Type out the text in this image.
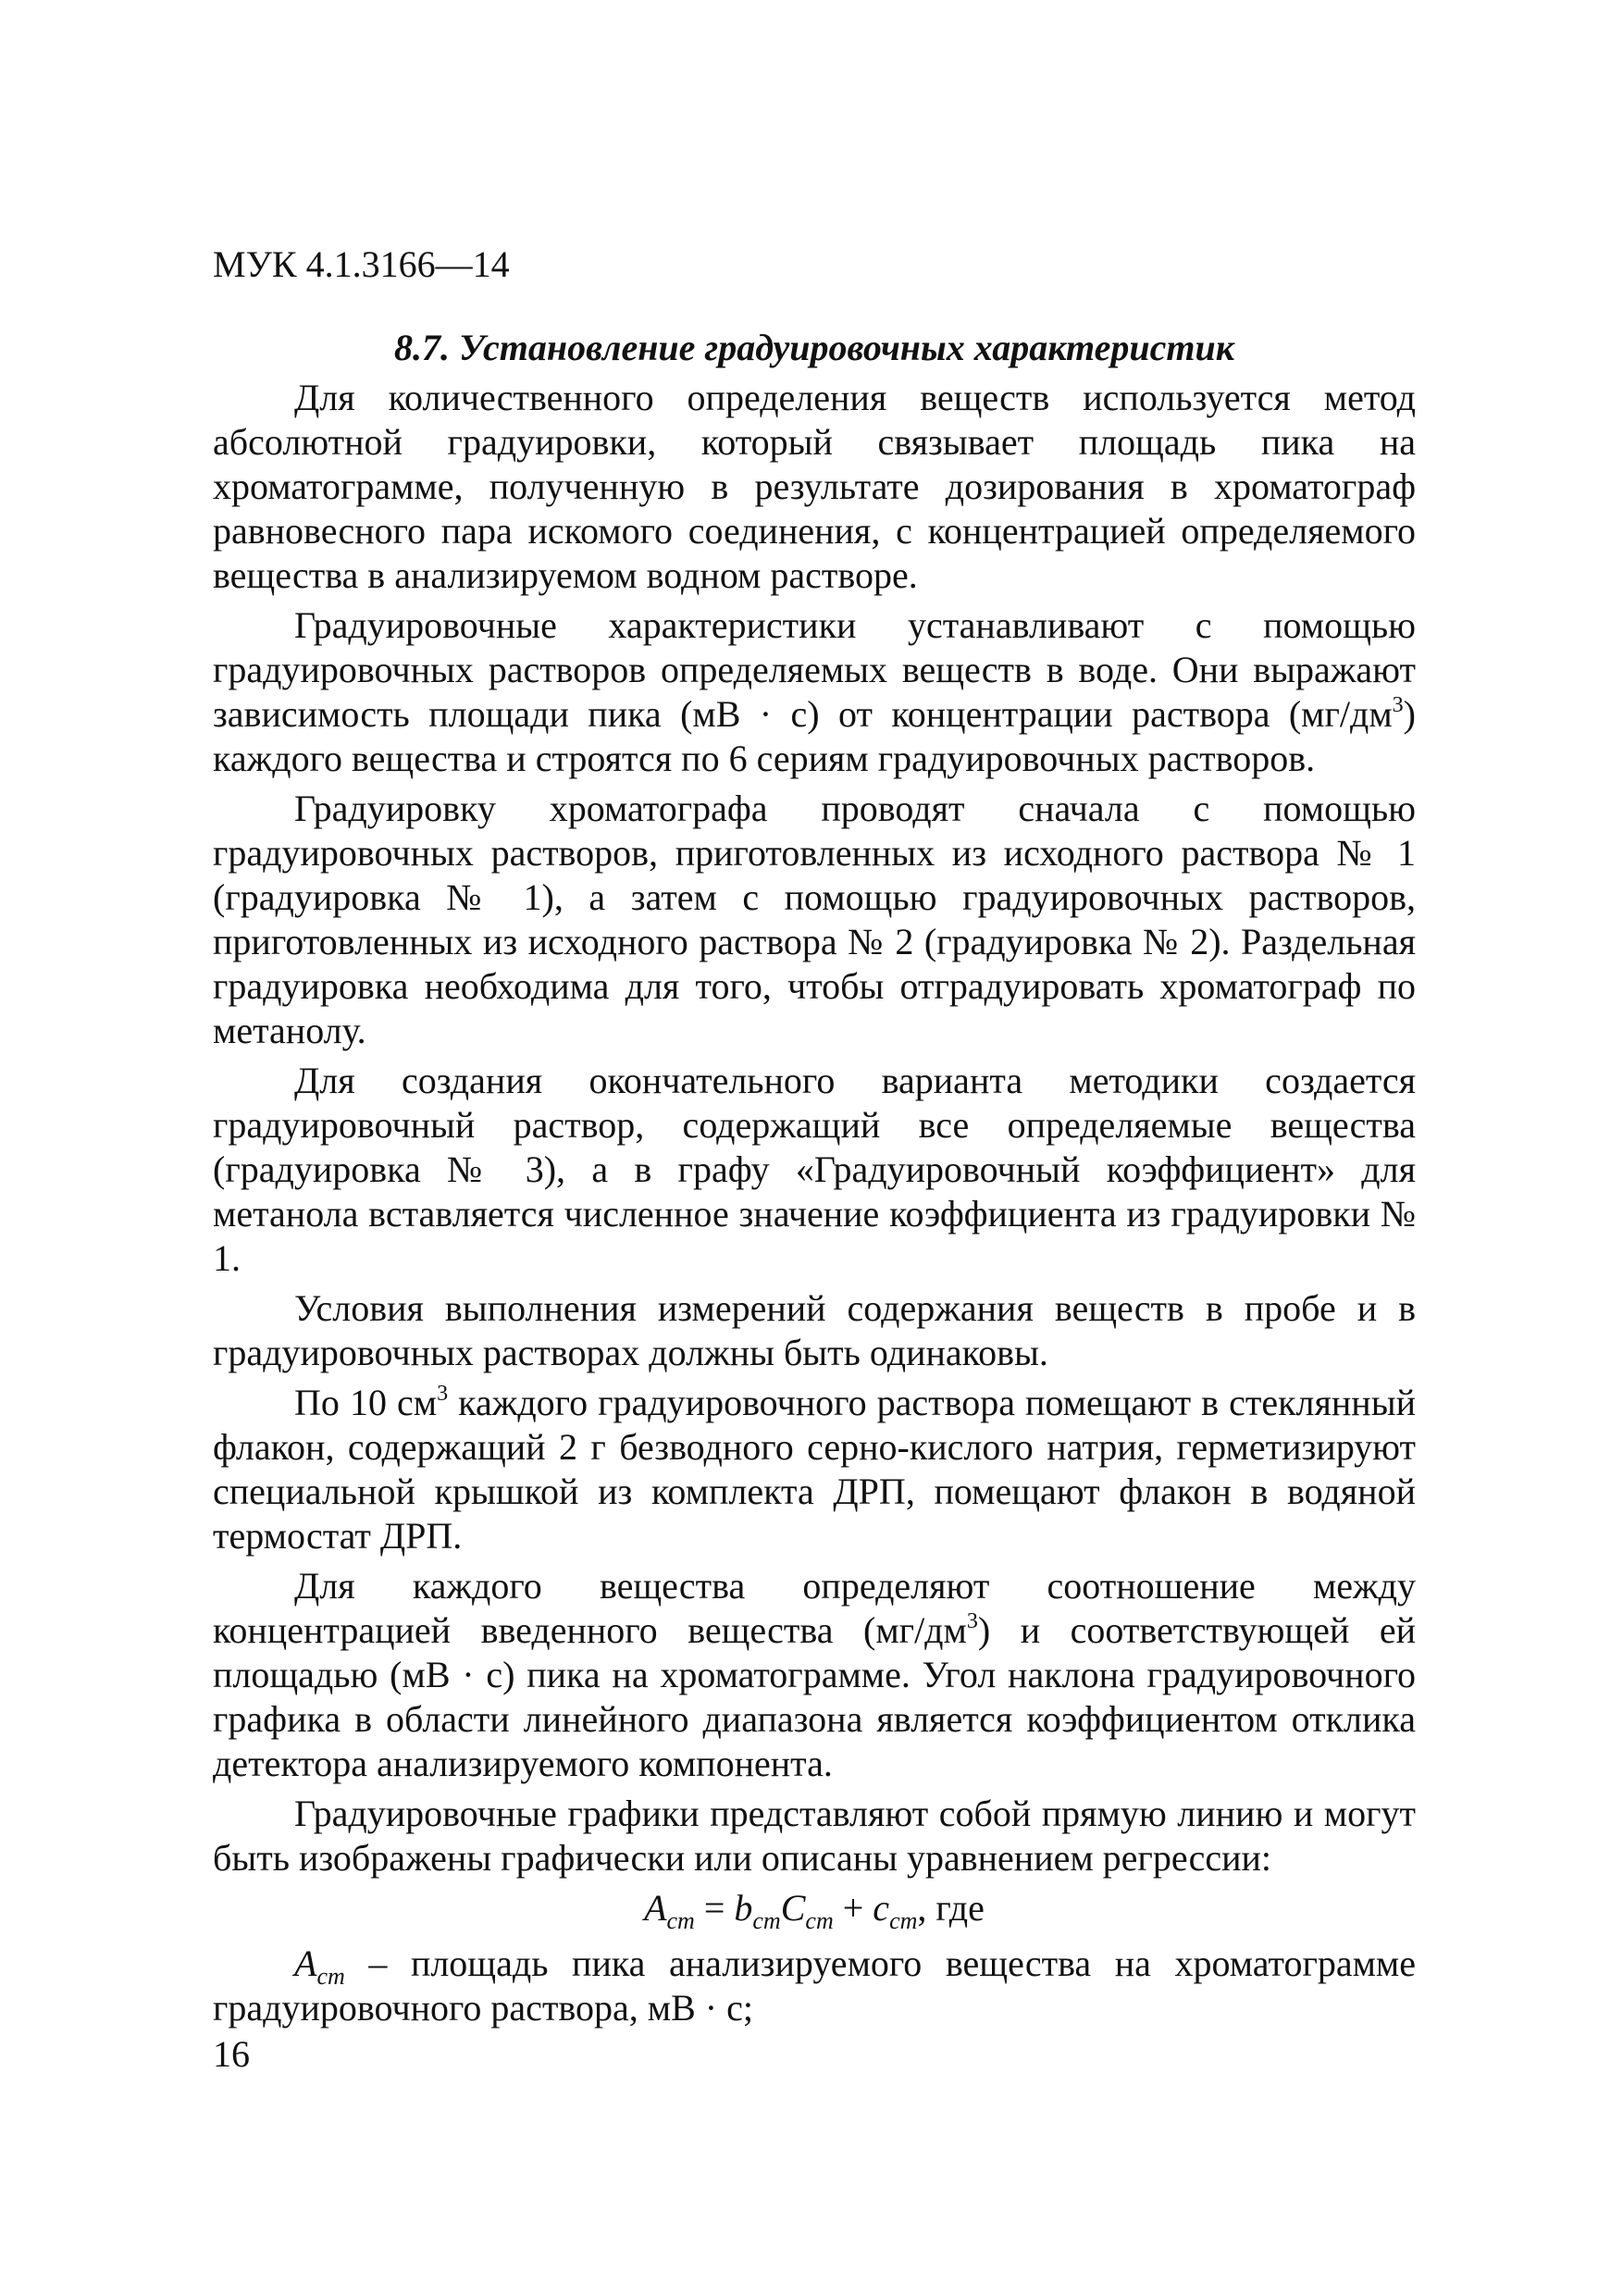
МУК 4.1.3166—14

8.7. Установление градуировочных характеристик

Для количественного определения веществ используется метод абсолютной градуировки, который связывает площадь пика на хроматограмме, полученную в результате дозирования в хроматограф равновесного пара искомого соединения, с концентрацией определяемого вещества в анализируемом водном растворе.

Градуировочные характеристики устанавливают с помощью градуировочных растворов определяемых веществ в воде. Они выражают зависимость площади пика (мВ · с) от концентрации раствора $(мг/дм^3)$ каждого вещества и строятся по 6 сериям градуировочных растворов.

Градуировку хроматографа проводят сначала с помощью градуировочных растворов, приготовленных из исходного раствора № 1 (градуировка № 1), а затем с помощью градуировочных растворов, приготовленных из исходного раствора № 2 (градуировка № 2). Раздельная градуировка необходима для того, чтобы отградуировать хроматограф по метанолу.

Для создания окончательного варианта методики создается градуировочный раствор, содержащий все определяемые вещества (градуировка № 3), а в графу «Градуировочный коэффициент» для метанола вставляется численное значение коэффициента из градуировки № 1.

Условия выполнения измерений содержания веществ в пробе и в градуировочных растворах должны быть одинаковы.

По 10 $см^3$ каждого градуировочного раствора помещают в стеклянный флакон, содержащий 2 г безводного серно-кислого натрия, герметизируют специальной крышкой из комплекта ДРП, помещают флакон в водяной термостат ДРП.

Для каждого вещества определяют соотношение между концентрацией введенного вещества $(мг/дм^3)$ и соответствующей ей площадью (мВ · с) пика на хроматограмме. Угол наклона градуировочного графика в области линейного диапазона является коэффициентом отклика детектора анализируемого компонента.

Градуировочные графики представляют собой прямую линию и могут быть изображены графически или описаны уравнением регрессии:

$A_{cm} = b_{cm}C_{cm} + c_{cm}$, где

$A_{cm}$ – площадь пика анализируемого вещества на хроматограмме градуировочного раствора, мВ · с;

16
